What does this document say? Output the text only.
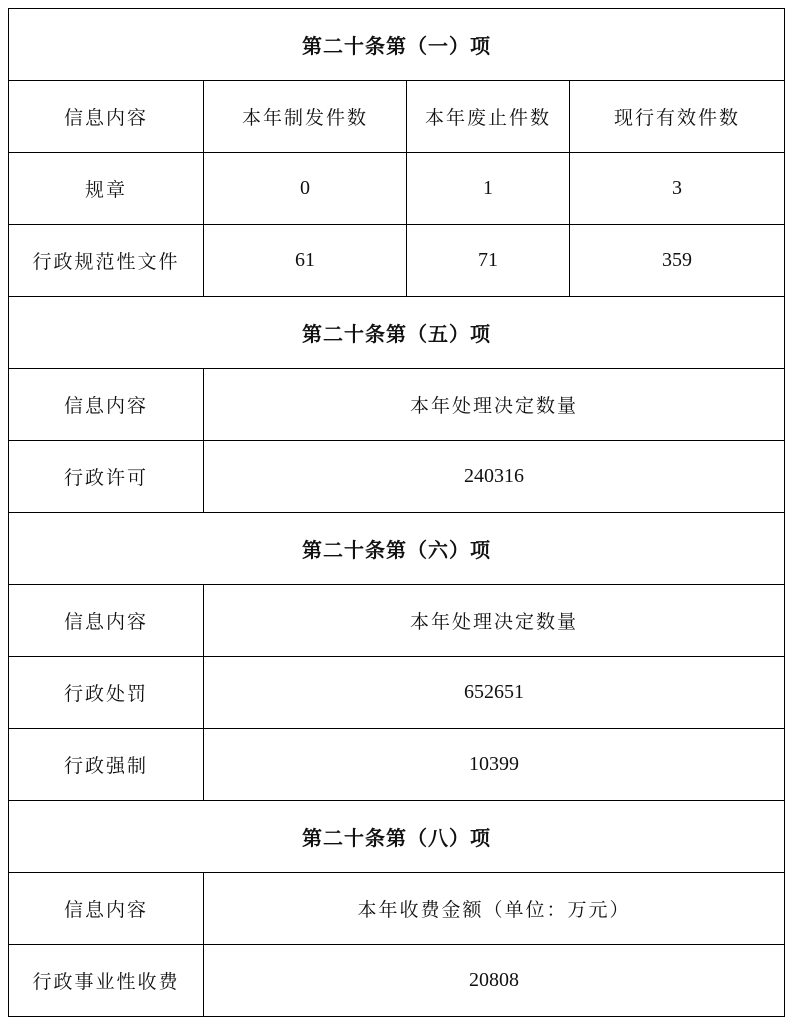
第二十条第（一）项			
信息内容	本年制发件数	本年废止件数	现行有效件数
规章	0	1	3
行政规范性文件	61	71	359
第二十条第（五）项			
信息内容	本年处理决定数量		
行政许可	240316		
第二十条第（六）项			
信息内容	本年处理决定数量		
行政处罚	652651		
行政强制	10399		
第二十条第（八）项			
信息内容	本年收费金额（单位：万元）		
行政事业性收费	20808		
